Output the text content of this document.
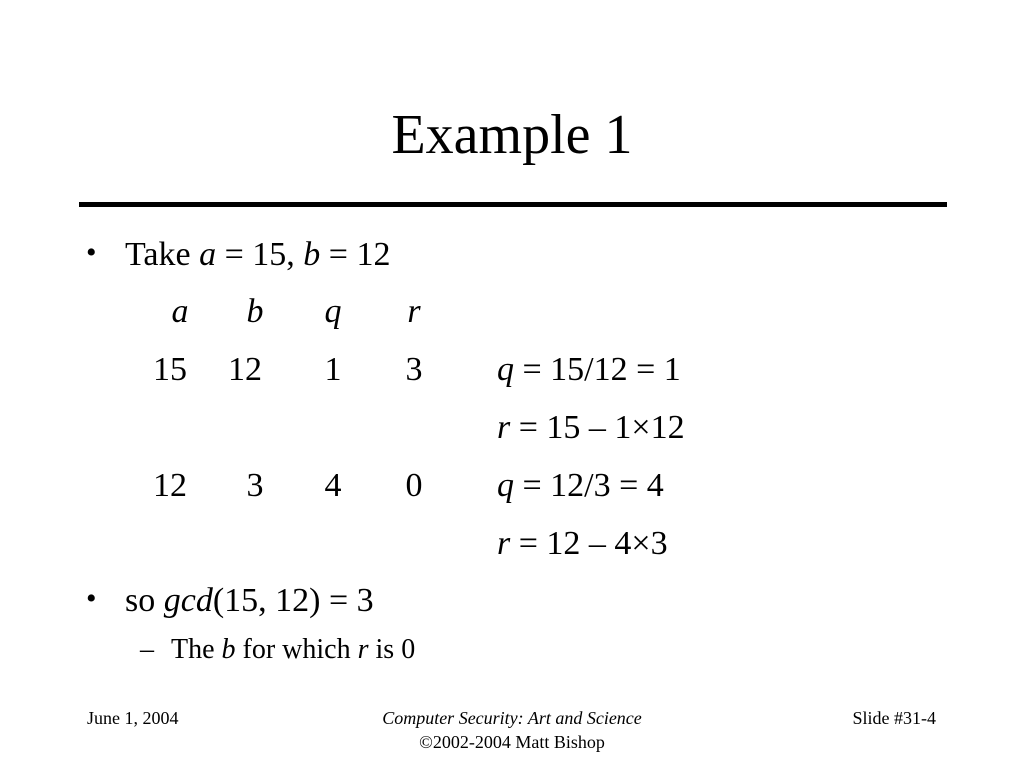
Example 1
• Take a = 15, b = 12
a	b	q	r
15	12	1	3	q = 15/12 = 1
r = 15 – 1×12
12	3	4	0	q = 12/3 = 4
r = 12 – 4×3
• so gcd(15, 12) = 3
– The b for which r is 0
June 1, 2004	Computer Security: Art and Science
©2002-2004 Matt Bishop
Slide #31-4
